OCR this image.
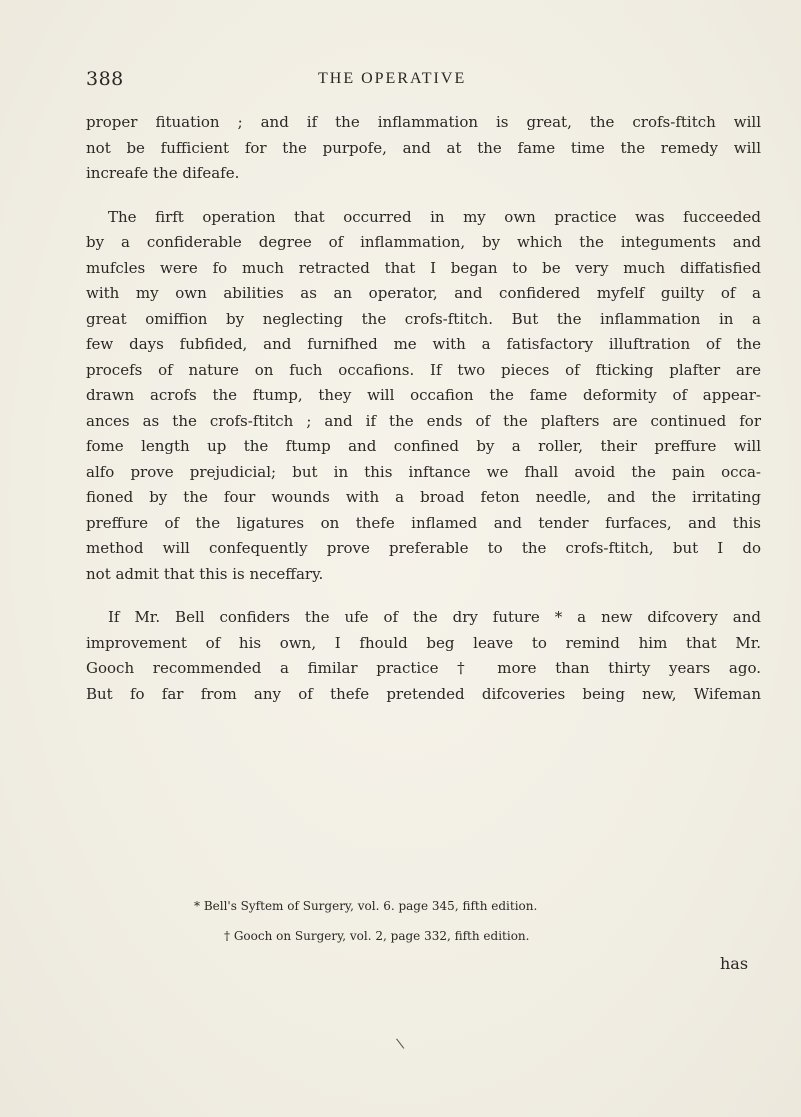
388	THE OPERATIVE

proper fituation ; and if the inflammation is great, the crofs-ftitch will
not be fufficient for the purpofe, and at the fame time the remedy will
increafe the difeafe.

The firft operation that occurred in my own practice was fucceeded
by a confiderable degree of inflammation, by which the integuments and
mufcles were fo much retracted that I began to be very much diffatisfied
with my own abilities as an operator, and confidered myfelf guilty of a
great omiffion by neglecting the crofs-ftitch. But the inflammation in a
few days fubfided, and furnifhed me with a fatisfactory illuftration of the
procefs of nature on fuch occafions. If two pieces of fticking plafter are
drawn acrofs the ftump, they will occafion the fame deformity of appear-
ances as the crofs-ftitch ; and if the ends of the plafters are continued for
fome length up the ftump and confined by a roller, their preffure will
alfo prove prejudicial; but in this inftance we fhall avoid the pain occa-
fioned by the four wounds with a broad feton needle, and the irritating
preffure of the ligatures on thefe inflamed and tender furfaces, and this
method will confequently prove preferable to the crofs-ftitch, but I do
not admit that this is neceffary.

If Mr. Bell confiders the ufe of the dry future * a new difcovery and
improvement of his own, I fhould beg leave to remind him that Mr.
Gooch recommended a fimilar practice † more than thirty years ago.
But fo far from any of thefe pretended difcoveries being new, Wifeman

* Bell's Syftem of Surgery, vol. 6. page 345, fifth edition.

† Gooch on Surgery, vol. 2, page 332, fifth edition.

has
\
